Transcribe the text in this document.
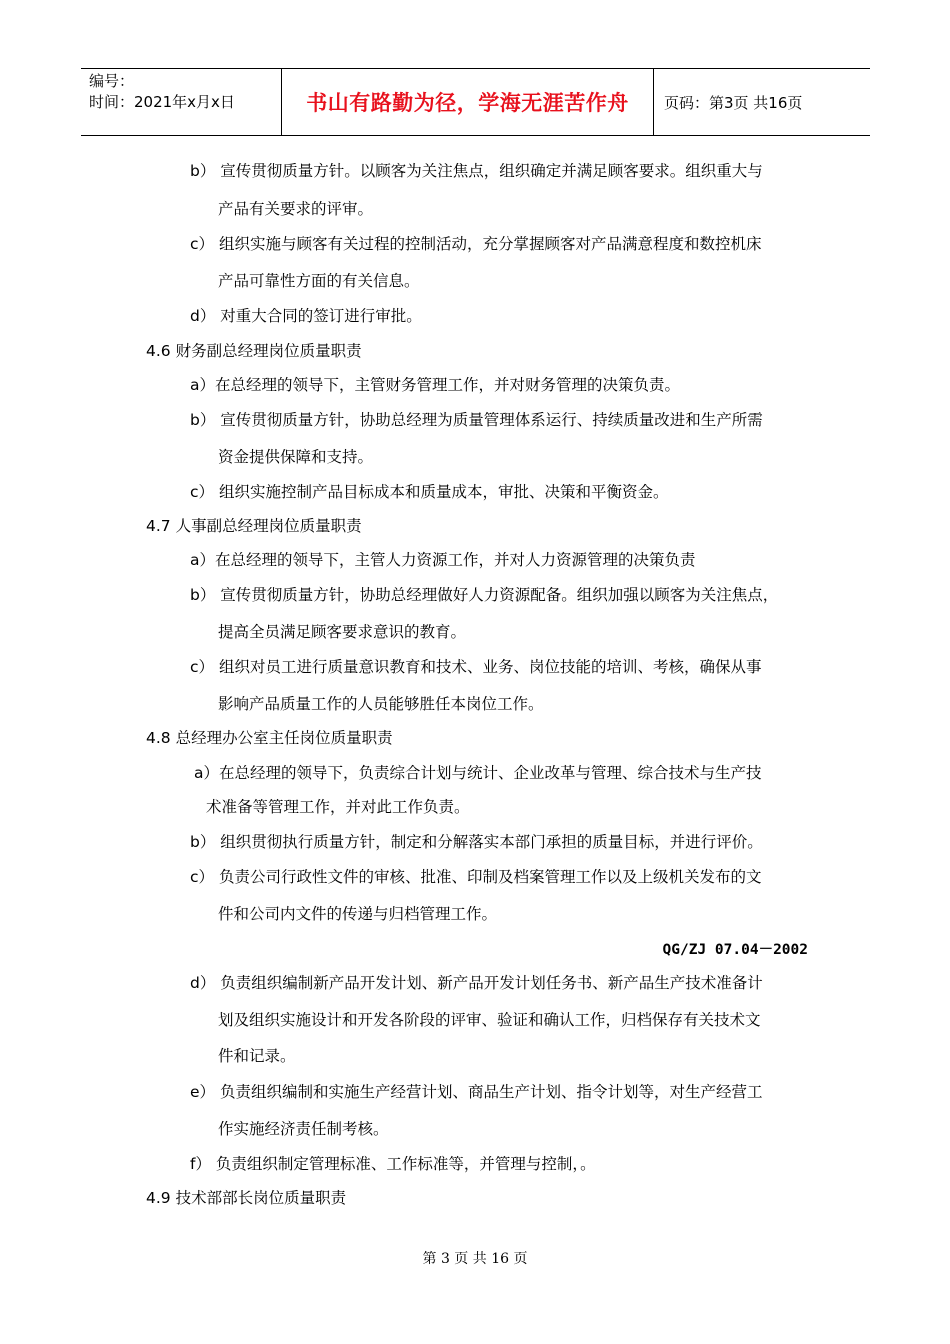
编号：
时间：2021年x月x日	书山有路勤为径，学海无涯苦作舟	页码：第3页 共16页
b） 宣传贯彻质量方针。以顾客为关注焦点，组织确定并满足顾客要求。组织重大与
产品有关要求的评审。
c） 组织实施与顾客有关过程的控制活动，充分掌握顾客对产品满意程度和数控机床
产品可靠性方面的有关信息。
d） 对重大合同的签订进行审批。
4.6 财务副总经理岗位质量职责
a）在总经理的领导下，主管财务管理工作，并对财务管理的决策负责。
b） 宣传贯彻质量方针，协助总经理为质量管理体系运行、持续质量改进和生产所需
资金提供保障和支持。
c） 组织实施控制产品目标成本和质量成本，审批、决策和平衡资金。
4.7 人事副总经理岗位质量职责
a）在总经理的领导下，主管人力资源工作，并对人力资源管理的决策负责
b） 宣传贯彻质量方针，协助总经理做好人力资源配备。组织加强以顾客为关注焦点，
提高全员满足顾客要求意识的教育。
c） 组织对员工进行质量意识教育和技术、业务、岗位技能的培训、考核，确保从事
影响产品质量工作的人员能够胜任本岗位工作。
4.8 总经理办公室主任岗位质量职责
a）在总经理的领导下，负责综合计划与统计、企业改革与管理、综合技术与生产技
术准备等管理工作，并对此工作负责。
b） 组织贯彻执行质量方针，制定和分解落实本部门承担的质量目标，并进行评价。
c） 负责公司行政性文件的审核、批准、印制及档案管理工作以及上级机关发布的文
件和公司内文件的传递与归档管理工作。
QG/ZJ 07.04－2002
d） 负责组织编制新产品开发计划、新产品开发计划任务书、新产品生产技术准备计
划及组织实施设计和开发各阶段的评审、验证和确认工作，归档保存有关技术文
件和记录。
e） 负责组织编制和实施生产经营计划、商品生产计划、指令计划等，对生产经营工
作实施经济责任制考核。
f） 负责组织制定管理标准、工作标准等，并管理与控制，。
4.9 技术部部长岗位质量职责
第 3 页 共 16 页
